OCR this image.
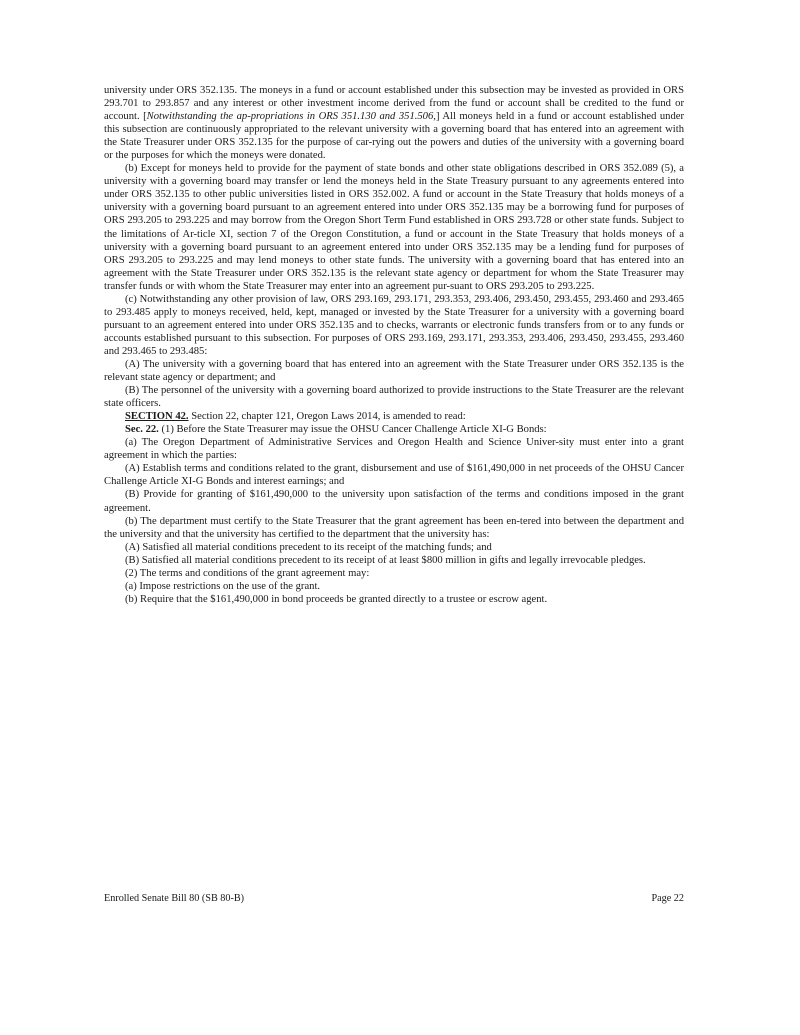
university under ORS 352.135. The moneys in a fund or account established under this subsection may be invested as provided in ORS 293.701 to 293.857 and any interest or other investment income derived from the fund or account shall be credited to the fund or account. [Notwithstanding the ap-propriations in ORS 351.130 and 351.506,] All moneys held in a fund or account established under this subsection are continuously appropriated to the relevant university with a governing board that has entered into an agreement with the State Treasurer under ORS 352.135 for the purpose of car-rying out the powers and duties of the university with a governing board or the purposes for which the moneys were donated.

(b) Except for moneys held to provide for the payment of state bonds and other state obligations described in ORS 352.089 (5), a university with a governing board may transfer or lend the moneys held in the State Treasury pursuant to any agreements entered into under ORS 352.135 to other public universities listed in ORS 352.002. A fund or account in the State Treasury that holds moneys of a university with a governing board pursuant to an agreement entered into under ORS 352.135 may be a borrowing fund for purposes of ORS 293.205 to 293.225 and may borrow from the Oregon Short Term Fund established in ORS 293.728 or other state funds. Subject to the limitations of Ar-ticle XI, section 7 of the Oregon Constitution, a fund or account in the State Treasury that holds moneys of a university with a governing board pursuant to an agreement entered into under ORS 352.135 may be a lending fund for purposes of ORS 293.205 to 293.225 and may lend moneys to other state funds. The university with a governing board that has entered into an agreement with the State Treasurer under ORS 352.135 is the relevant state agency or department for whom the State Treasurer may transfer funds or with whom the State Treasurer may enter into an agreement pur-suant to ORS 293.205 to 293.225.

(c) Notwithstanding any other provision of law, ORS 293.169, 293.171, 293.353, 293.406, 293.450, 293.455, 293.460 and 293.465 to 293.485 apply to moneys received, held, kept, managed or invested by the State Treasurer for a university with a governing board pursuant to an agreement entered into under ORS 352.135 and to checks, warrants or electronic funds transfers from or to any funds or accounts established pursuant to this subsection. For purposes of ORS 293.169, 293.171, 293.353, 293.406, 293.450, 293.455, 293.460 and 293.465 to 293.485:

(A) The university with a governing board that has entered into an agreement with the State Treasurer under ORS 352.135 is the relevant state agency or department; and

(B) The personnel of the university with a governing board authorized to provide instructions to the State Treasurer are the relevant state officers.

SECTION 42. Section 22, chapter 121, Oregon Laws 2014, is amended to read:

Sec. 22. (1) Before the State Treasurer may issue the OHSU Cancer Challenge Article XI-G Bonds:

(a) The Oregon Department of Administrative Services and Oregon Health and Science Univer-sity must enter into a grant agreement in which the parties:

(A) Establish terms and conditions related to the grant, disbursement and use of $161,490,000 in net proceeds of the OHSU Cancer Challenge Article XI-G Bonds and interest earnings; and

(B) Provide for granting of $161,490,000 to the university upon satisfaction of the terms and conditions imposed in the grant agreement.

(b) The department must certify to the State Treasurer that the grant agreement has been en-tered into between the department and the university and that the university has certified to the department that the university has:

(A) Satisfied all material conditions precedent to its receipt of the matching funds; and

(B) Satisfied all material conditions precedent to its receipt of at least $800 million in gifts and legally irrevocable pledges.

(2) The terms and conditions of the grant agreement may:

(a) Impose restrictions on the use of the grant.

(b) Require that the $161,490,000 in bond proceeds be granted directly to a trustee or escrow agent.

Enrolled Senate Bill 80 (SB 80-B)	Page 22
